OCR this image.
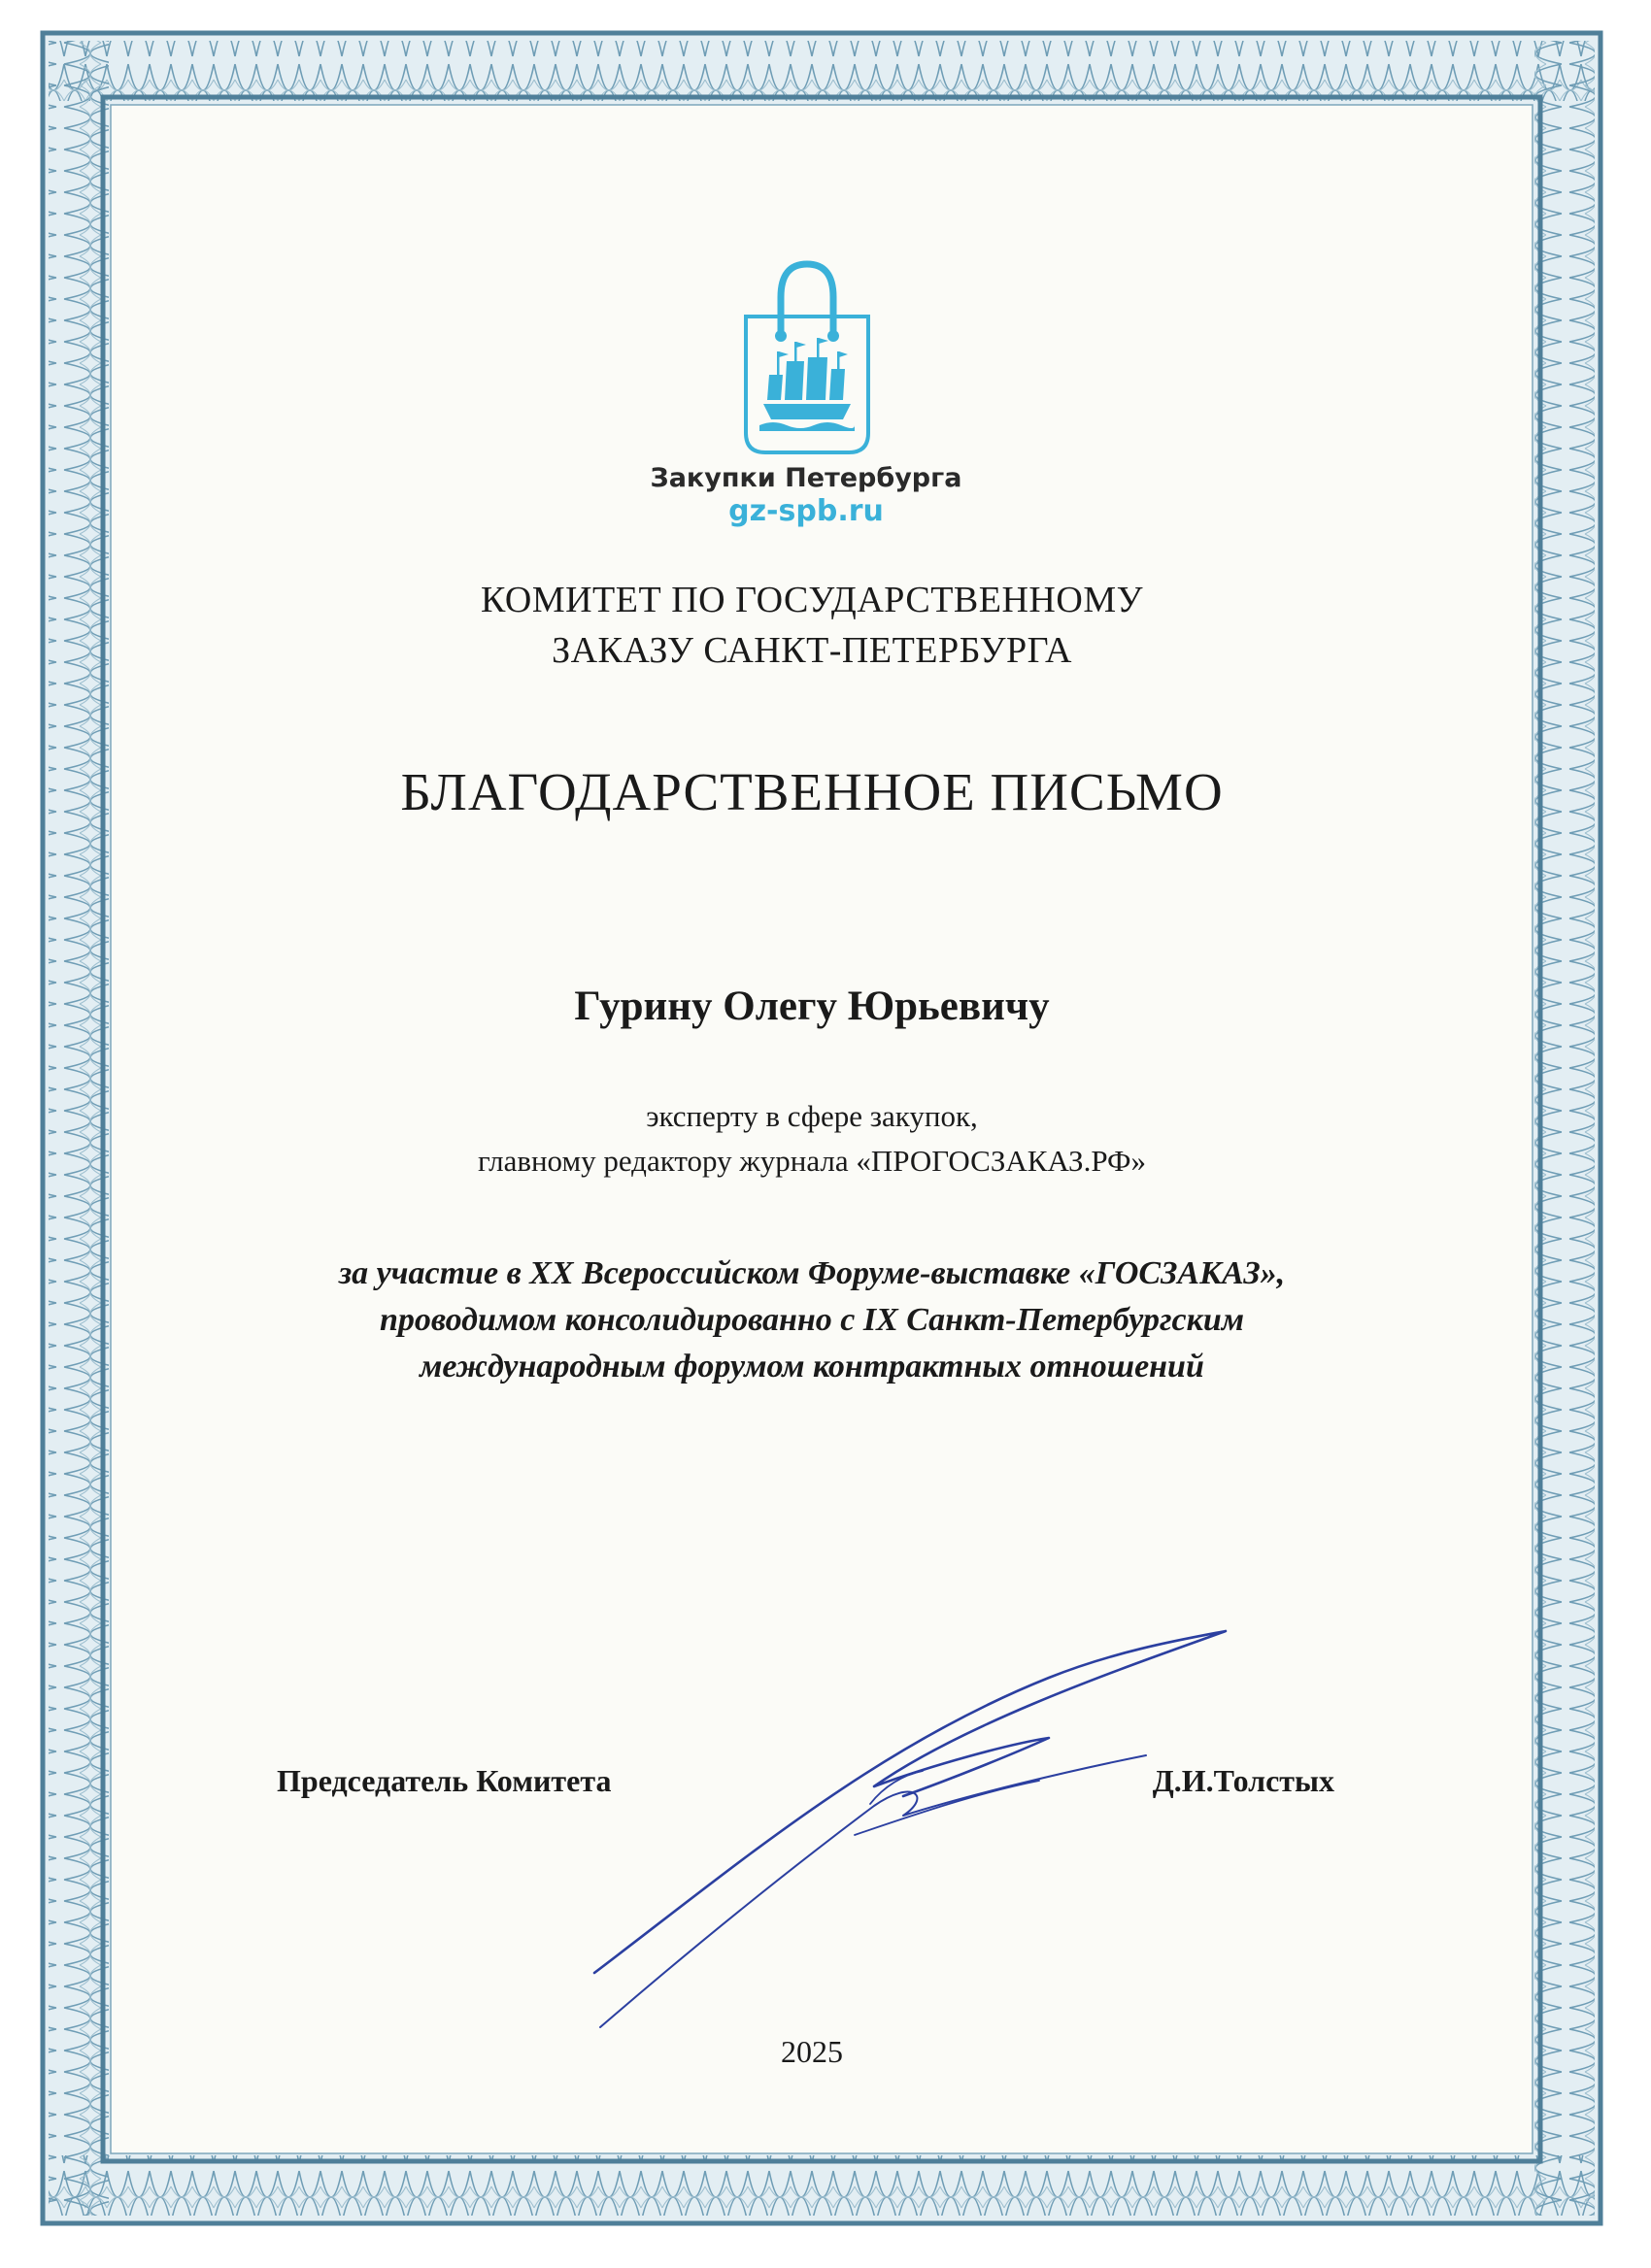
Закупки Петербурга

gz-spb.ru

КОМИТЕТ ПО ГОСУДАРСТВЕННОМУ
ЗАКАЗУ САНКТ-ПЕТЕРБУРГА

БЛАГОДАРСТВЕННОЕ ПИСЬМО

Гурину Олегу Юрьевичу

эксперту в сфере закупок,
главному редактору журнала «ПРОГОСЗАКАЗ.РФ»

за участие в XX Всероссийском Форуме-выставке «ГОСЗАКАЗ»,
проводимом консолидированно с IX Санкт-Петербургским
международным форумом контрактных отношений

Председатель Комитета	Д.И.Толстых

2025
